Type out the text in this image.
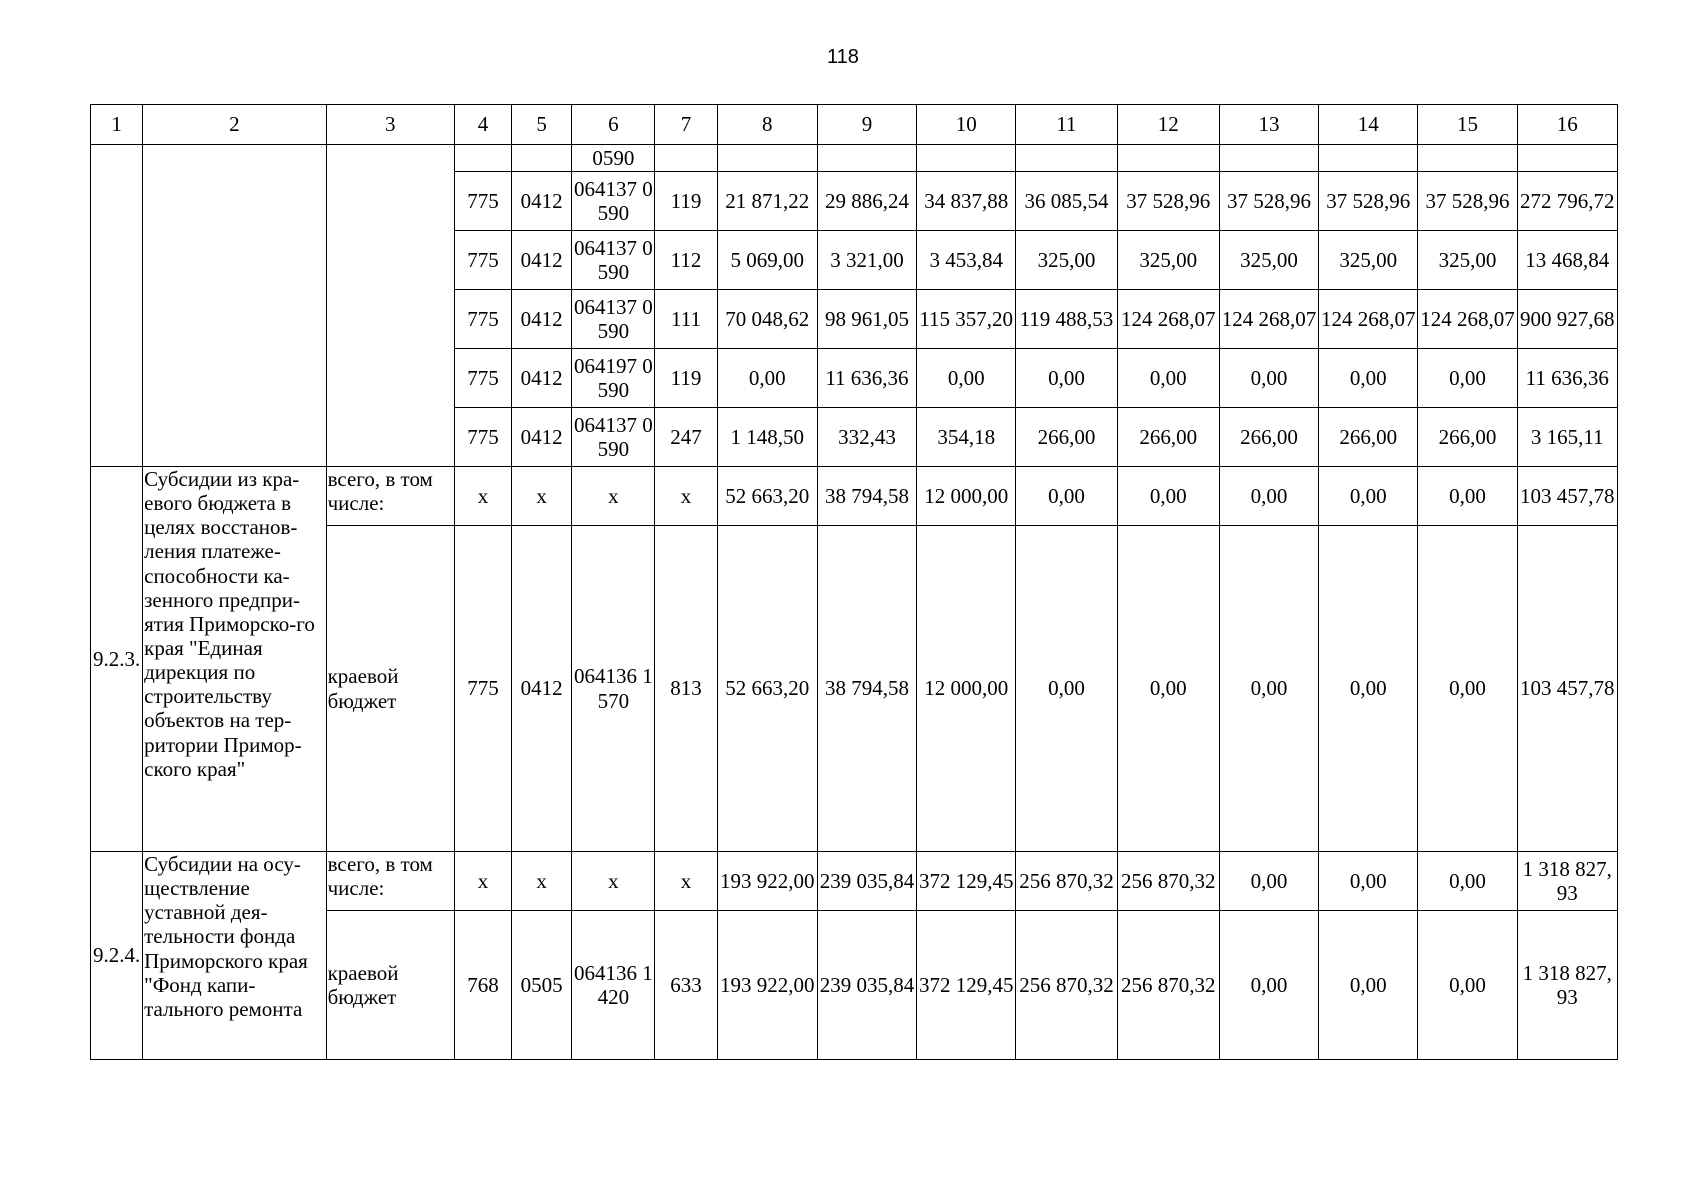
118
1	2	3	4	5	6	7	8	9	10	11	12	13	14	15	16
					0590										
			775	0412	064137 0590	119	21 871,22	29 886,24	34 837,88	36 085,54	37 528,96	37 528,96	37 528,96	37 528,96	272 796,72
			775	0412	064137 0590	112	5 069,00	3 321,00	3 453,84	325,00	325,00	325,00	325,00	325,00	13 468,84
			775	0412	064137 0590	111	70 048,62	98 961,05	115 357,20	119 488,53	124 268,07	124 268,07	124 268,07	124 268,07	900 927,68
			775	0412	064197 0590	119	0,00	11 636,36	0,00	0,00	0,00	0,00	0,00	0,00	11 636,36
			775	0412	064137 0590	247	1 148,50	332,43	354,18	266,00	266,00	266,00	266,00	266,00	3 165,11
9.2.3.	Субсидии из кра-евого бюджета в целях восстанов-ления платеже-способности ка-зенного предпри-ятия Приморско-го края "Единая дирекция по строительству объектов на тер-ритории Примор-ского края"	всего, в том числе:	x	x	x	x	52 663,20	38 794,58	12 000,00	0,00	0,00	0,00	0,00	0,00	103 457,78
		краевой бюджет	775	0412	064136 1570	813	52 663,20	38 794,58	12 000,00	0,00	0,00	0,00	0,00	0,00	103 457,78
9.2.4.	Субсидии на осу-ществление уставной дея-тельности фонда Приморского края "Фонд капи-тального ремонта	всего, в том числе:	x	x	x	x	193 922,00	239 035,84	372 129,45	256 870,32	256 870,32	0,00	0,00	0,00	1 318 827,93
		краевой бюджет	768	0505	064136 1420	633	193 922,00	239 035,84	372 129,45	256 870,32	256 870,32	0,00	0,00	0,00	1 318 827,93
